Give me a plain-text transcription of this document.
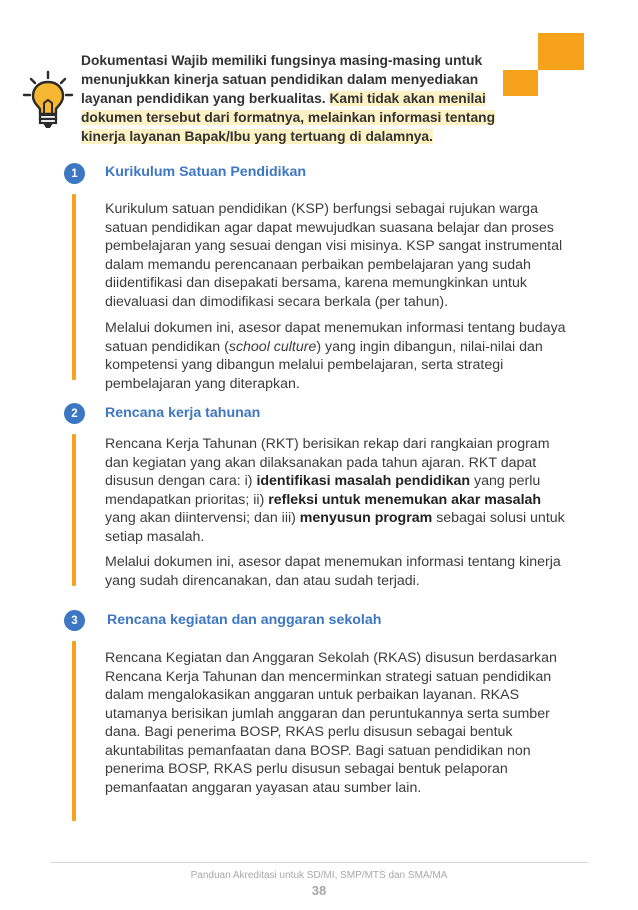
Dokumentasi Wajib memiliki fungsinya masing-masing untuk menunjukkan kinerja satuan pendidikan dalam menyediakan layanan pendidikan yang berkualitas. Kami tidak akan menilai dokumen tersebut dari formatnya, melainkan informasi tentang kinerja layanan Bapak/Ibu yang tertuang di dalamnya.
1	Kurikulum Satuan Pendidikan

Kurikulum satuan pendidikan (KSP) berfungsi sebagai rujukan warga satuan pendidikan agar dapat mewujudkan suasana belajar dan proses pembelajaran yang sesuai dengan visi misinya. KSP sangat instrumental dalam memandu perencanaan perbaikan pembelajaran yang sudah diidentifikasi dan disepakati bersama, karena memungkinkan untuk dievaluasi dan dimodifikasi secara berkala (per tahun).

Melalui dokumen ini, asesor dapat menemukan informasi tentang budaya satuan pendidikan (school culture) yang ingin dibangun, nilai-nilai dan kompetensi yang dibangun melalui pembelajaran, serta strategi pembelajaran yang diterapkan.

2	Rencana kerja tahunan

Rencana Kerja Tahunan (RKT) berisikan rekap dari rangkaian program dan kegiatan yang akan dilaksanakan pada tahun ajaran. RKT dapat disusun dengan cara: i) identifikasi masalah pendidikan yang perlu mendapatkan prioritas; ii) refleksi untuk menemukan akar masalah yang akan diintervensi; dan iii) menyusun program sebagai solusi untuk setiap masalah.

Melalui dokumen ini, asesor dapat menemukan informasi tentang kinerja yang sudah direncanakan, dan atau sudah terjadi.

3	Rencana kegiatan dan anggaran sekolah

Rencana Kegiatan dan Anggaran Sekolah (RKAS) disusun berdasarkan Rencana Kerja Tahunan dan mencerminkan strategi satuan pendidikan dalam mengalokasikan anggaran untuk perbaikan layanan. RKAS utamanya berisikan jumlah anggaran dan peruntukannya serta sumber dana. Bagi penerima BOSP, RKAS perlu disusun sebagai bentuk akuntabilitas pemanfaatan dana BOSP. Bagi satuan pendidikan non penerima BOSP, RKAS perlu disusun sebagai bentuk pelaporan pemanfaatan anggaran yayasan atau sumber lain.

Panduan Akreditasi untuk SD/MI, SMP/MTS dan SMA/MA
38
